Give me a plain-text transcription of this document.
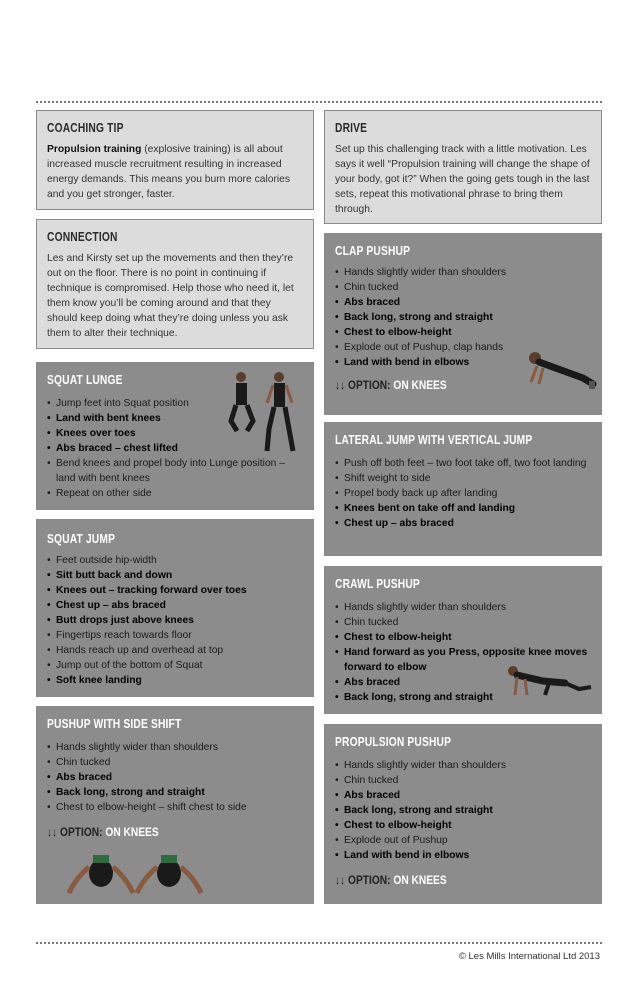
COACHING TIP

Propulsion training (explosive training) is all about increased muscle recruitment resulting in increased energy demands. This means you burn more calories and you get stronger, faster.

DRIVE

Set up this challenging track with a little motivation. Les says it well “Propulsion training will change the shape of your body, got it?” When the going gets tough in the last sets, repeat this motivational phrase to bring them through.

CONNECTION

Les and Kirsty set up the movements and then they’re out on the floor. There is no point in continuing if technique is compromised. Help those who need it, let them know you’ll be coming around and that they should keep doing what they’re doing unless you ask them to alter their technique.

CLAP PUSHUP
• Hands slightly wider than shoulders
• Chin tucked
• Abs braced
• Back long, strong and straight
• Chest to elbow-height
• Explode out of Pushup, clap hands
• Land with bend in elbows
↓↓ OPTION: ON KNEES
SQUAT LUNGE
• Jump feet into Squat position
• Land with bent knees
• Knees over toes
• Abs braced – chest lifted
• Bend knees and propel body into Lunge position – land with bent knees
• Repeat on other side
LATERAL JUMP WITH VERTICAL JUMP
• Push off both feet – two foot take off, two foot landing
• Shift weight to side
• Propel body back up after landing
• Knees bent on take off and landing
• Chest up – abs braced
SQUAT JUMP
• Feet outside hip-width
• Sitt butt back and down
• Knees out – tracking forward over toes
• Chest up – abs braced
• Butt drops just above knees
• Fingertips reach towards floor
• Hands reach up and overhead at top
• Jump out of the bottom of Squat
• Soft knee landing
CRAWL PUSHUP
• Hands slightly wider than shoulders
• Chin tucked
• Chest to elbow-height
• Hand forward as you Press, opposite knee moves forward to elbow
• Abs braced
• Back long, strong and straight
PUSHUP WITH SIDE SHIFT
• Hands slightly wider than shoulders
• Chin tucked
• Abs braced
• Back long, strong and straight
• Chest to elbow-height – shift chest to side
↓↓ OPTION: ON KNEES
PROPULSION PUSHUP
• Hands slightly wider than shoulders
• Chin tucked
• Abs braced
• Back long, strong and straight
• Chest to elbow-height
• Explode out of Pushup
• Land with bend in elbows
↓↓ OPTION: ON KNEES
© Les Mills International Ltd 2013
